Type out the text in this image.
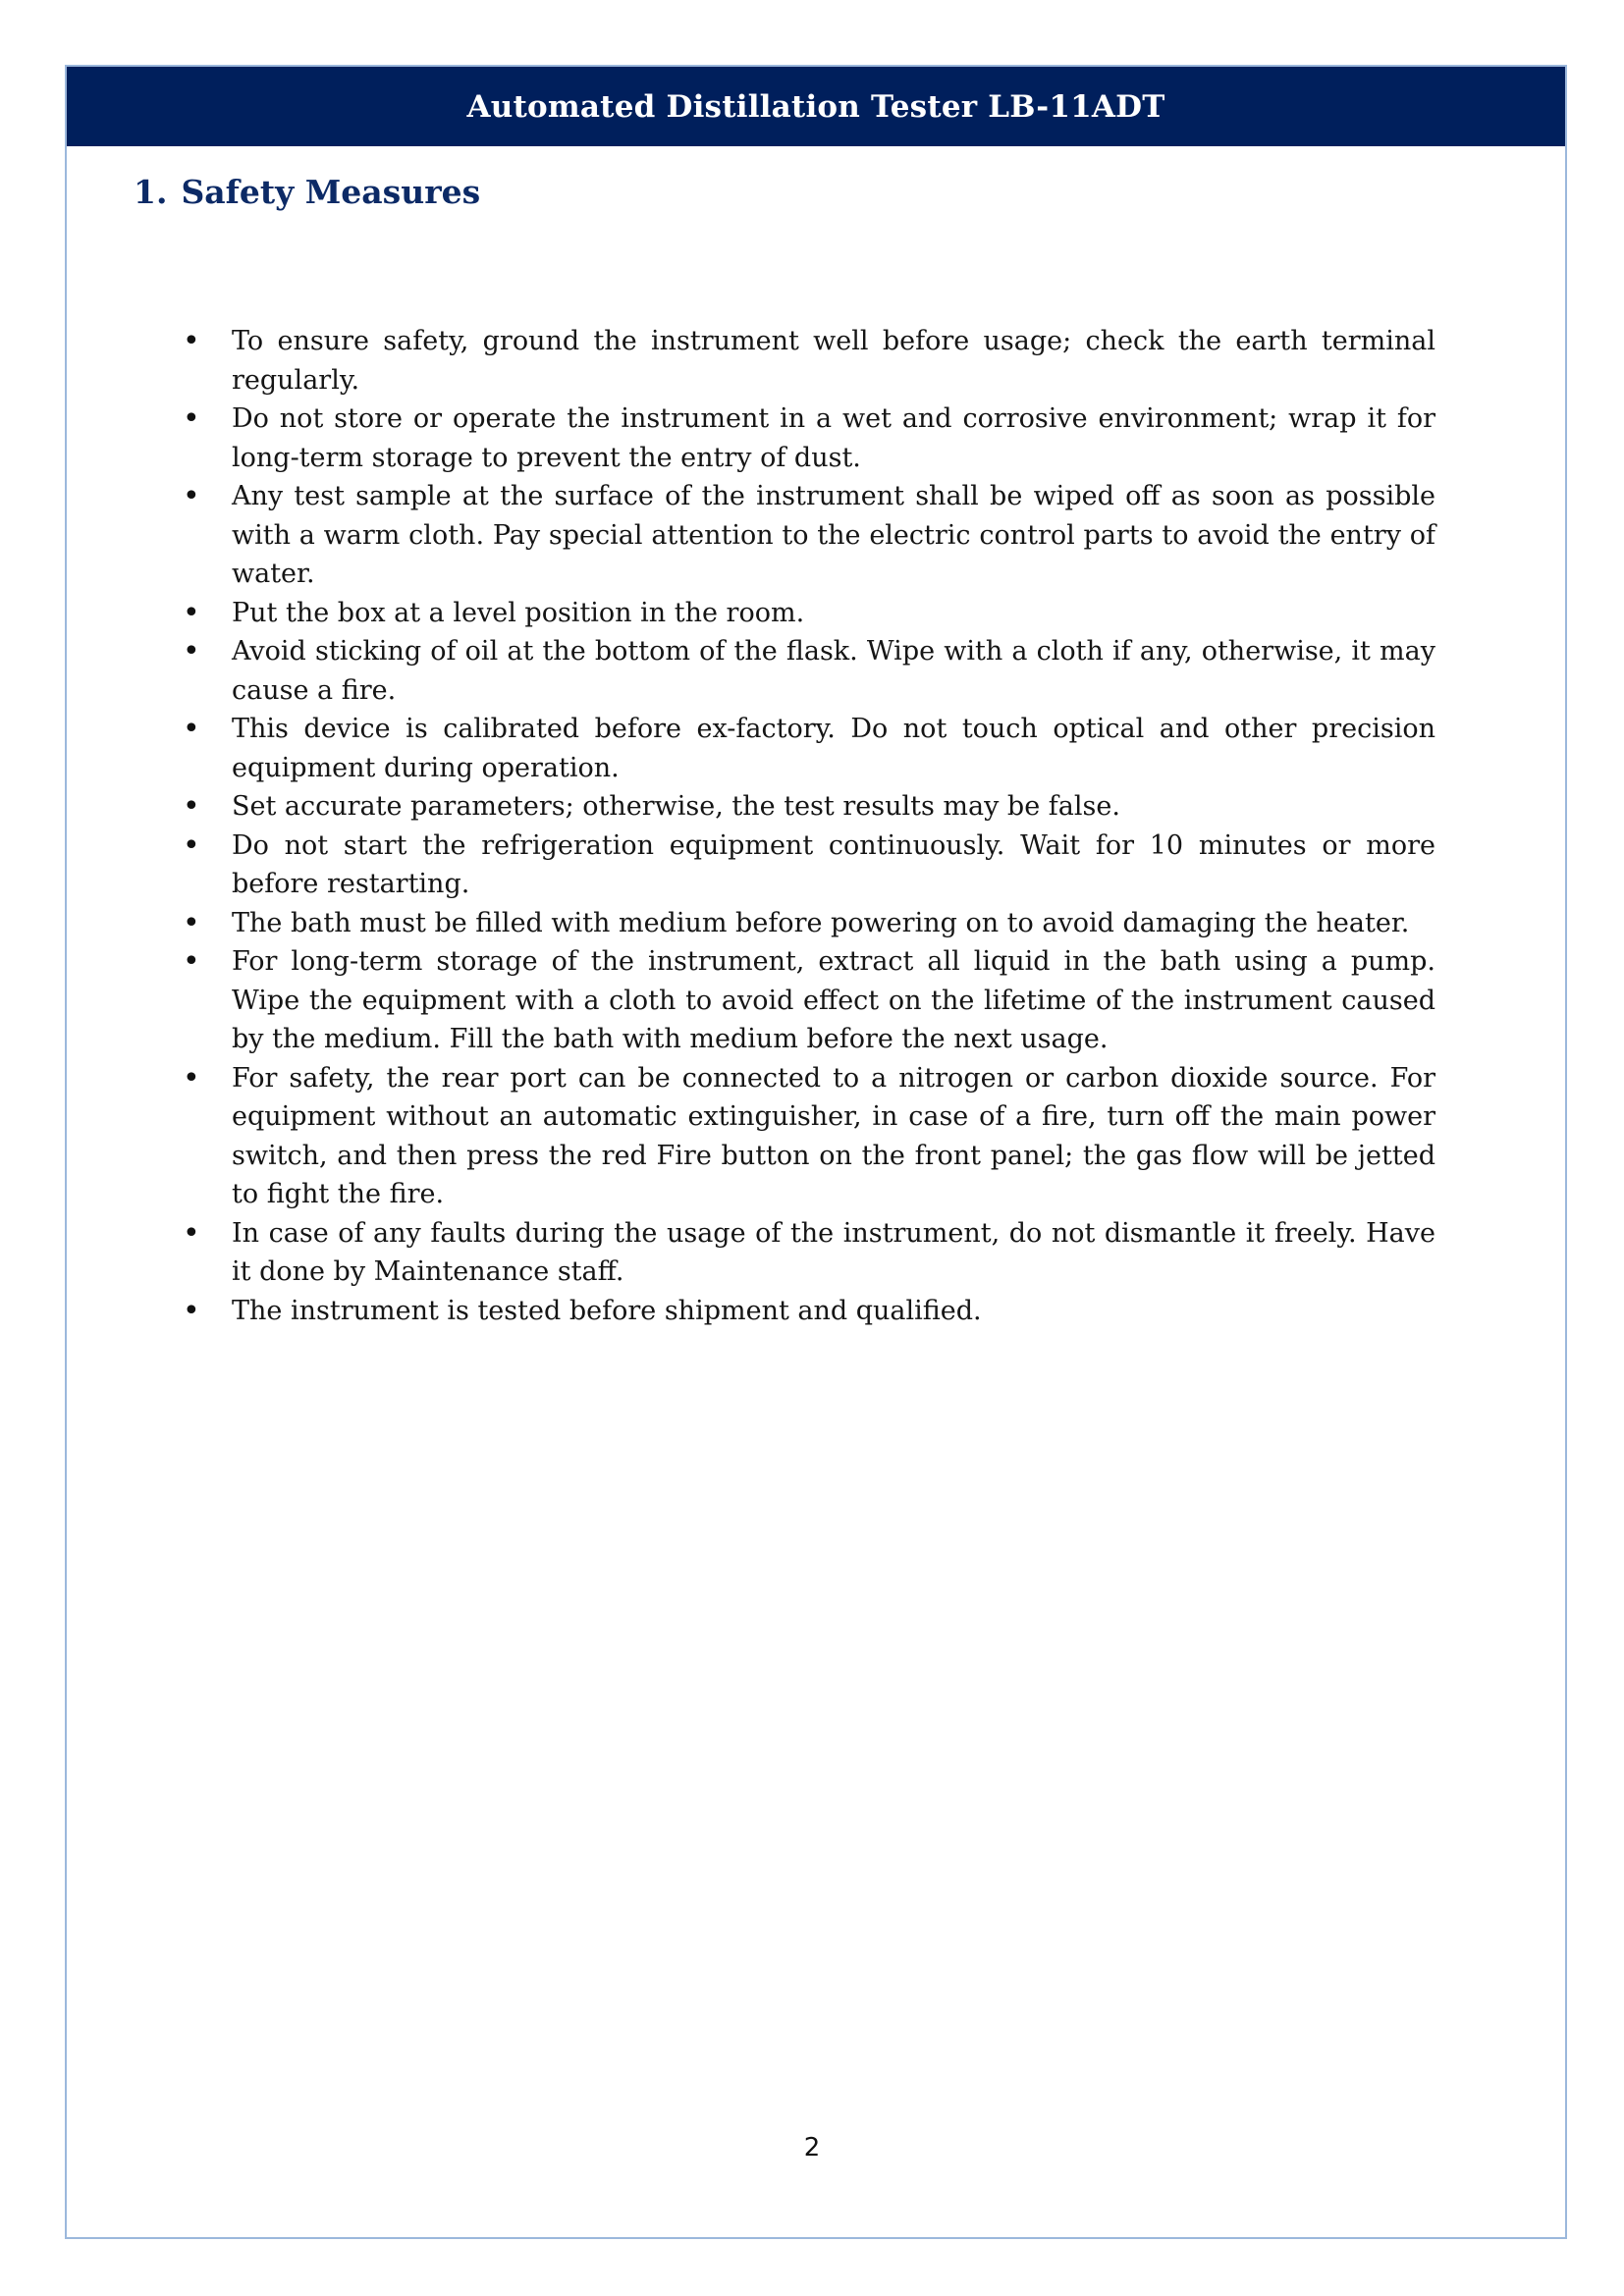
Automated Distillation Tester LB-11ADT
1. Safety Measures
• To ensure safety, ground the instrument well before usage; check the earth terminal regularly.
• Do not store or operate the instrument in a wet and corrosive environment; wrap it for long-term storage to prevent the entry of dust.
• Any test sample at the surface of the instrument shall be wiped off as soon as possible with a warm cloth. Pay special attention to the electric control parts to avoid the entry of water.
• Put the box at a level position in the room.
• Avoid sticking of oil at the bottom of the flask. Wipe with a cloth if any, otherwise, it may cause a fire.
• This device is calibrated before ex-factory. Do not touch optical and other precision equipment during operation.
• Set accurate parameters; otherwise, the test results may be false.
• Do not start the refrigeration equipment continuously. Wait for 10 minutes or more before restarting.
• The bath must be filled with medium before powering on to avoid damaging the heater.
• For long-term storage of the instrument, extract all liquid in the bath using a pump. Wipe the equipment with a cloth to avoid effect on the lifetime of the instrument caused by the medium. Fill the bath with medium before the next usage.
• For safety, the rear port can be connected to a nitrogen or carbon dioxide source. For equipment without an automatic extinguisher, in case of a fire, turn off the main power switch, and then press the red Fire button on the front panel; the gas flow will be jetted to fight the fire.
• In case of any faults during the usage of the instrument, do not dismantle it freely. Have it done by Maintenance staff.
• The instrument is tested before shipment and qualified.
2
